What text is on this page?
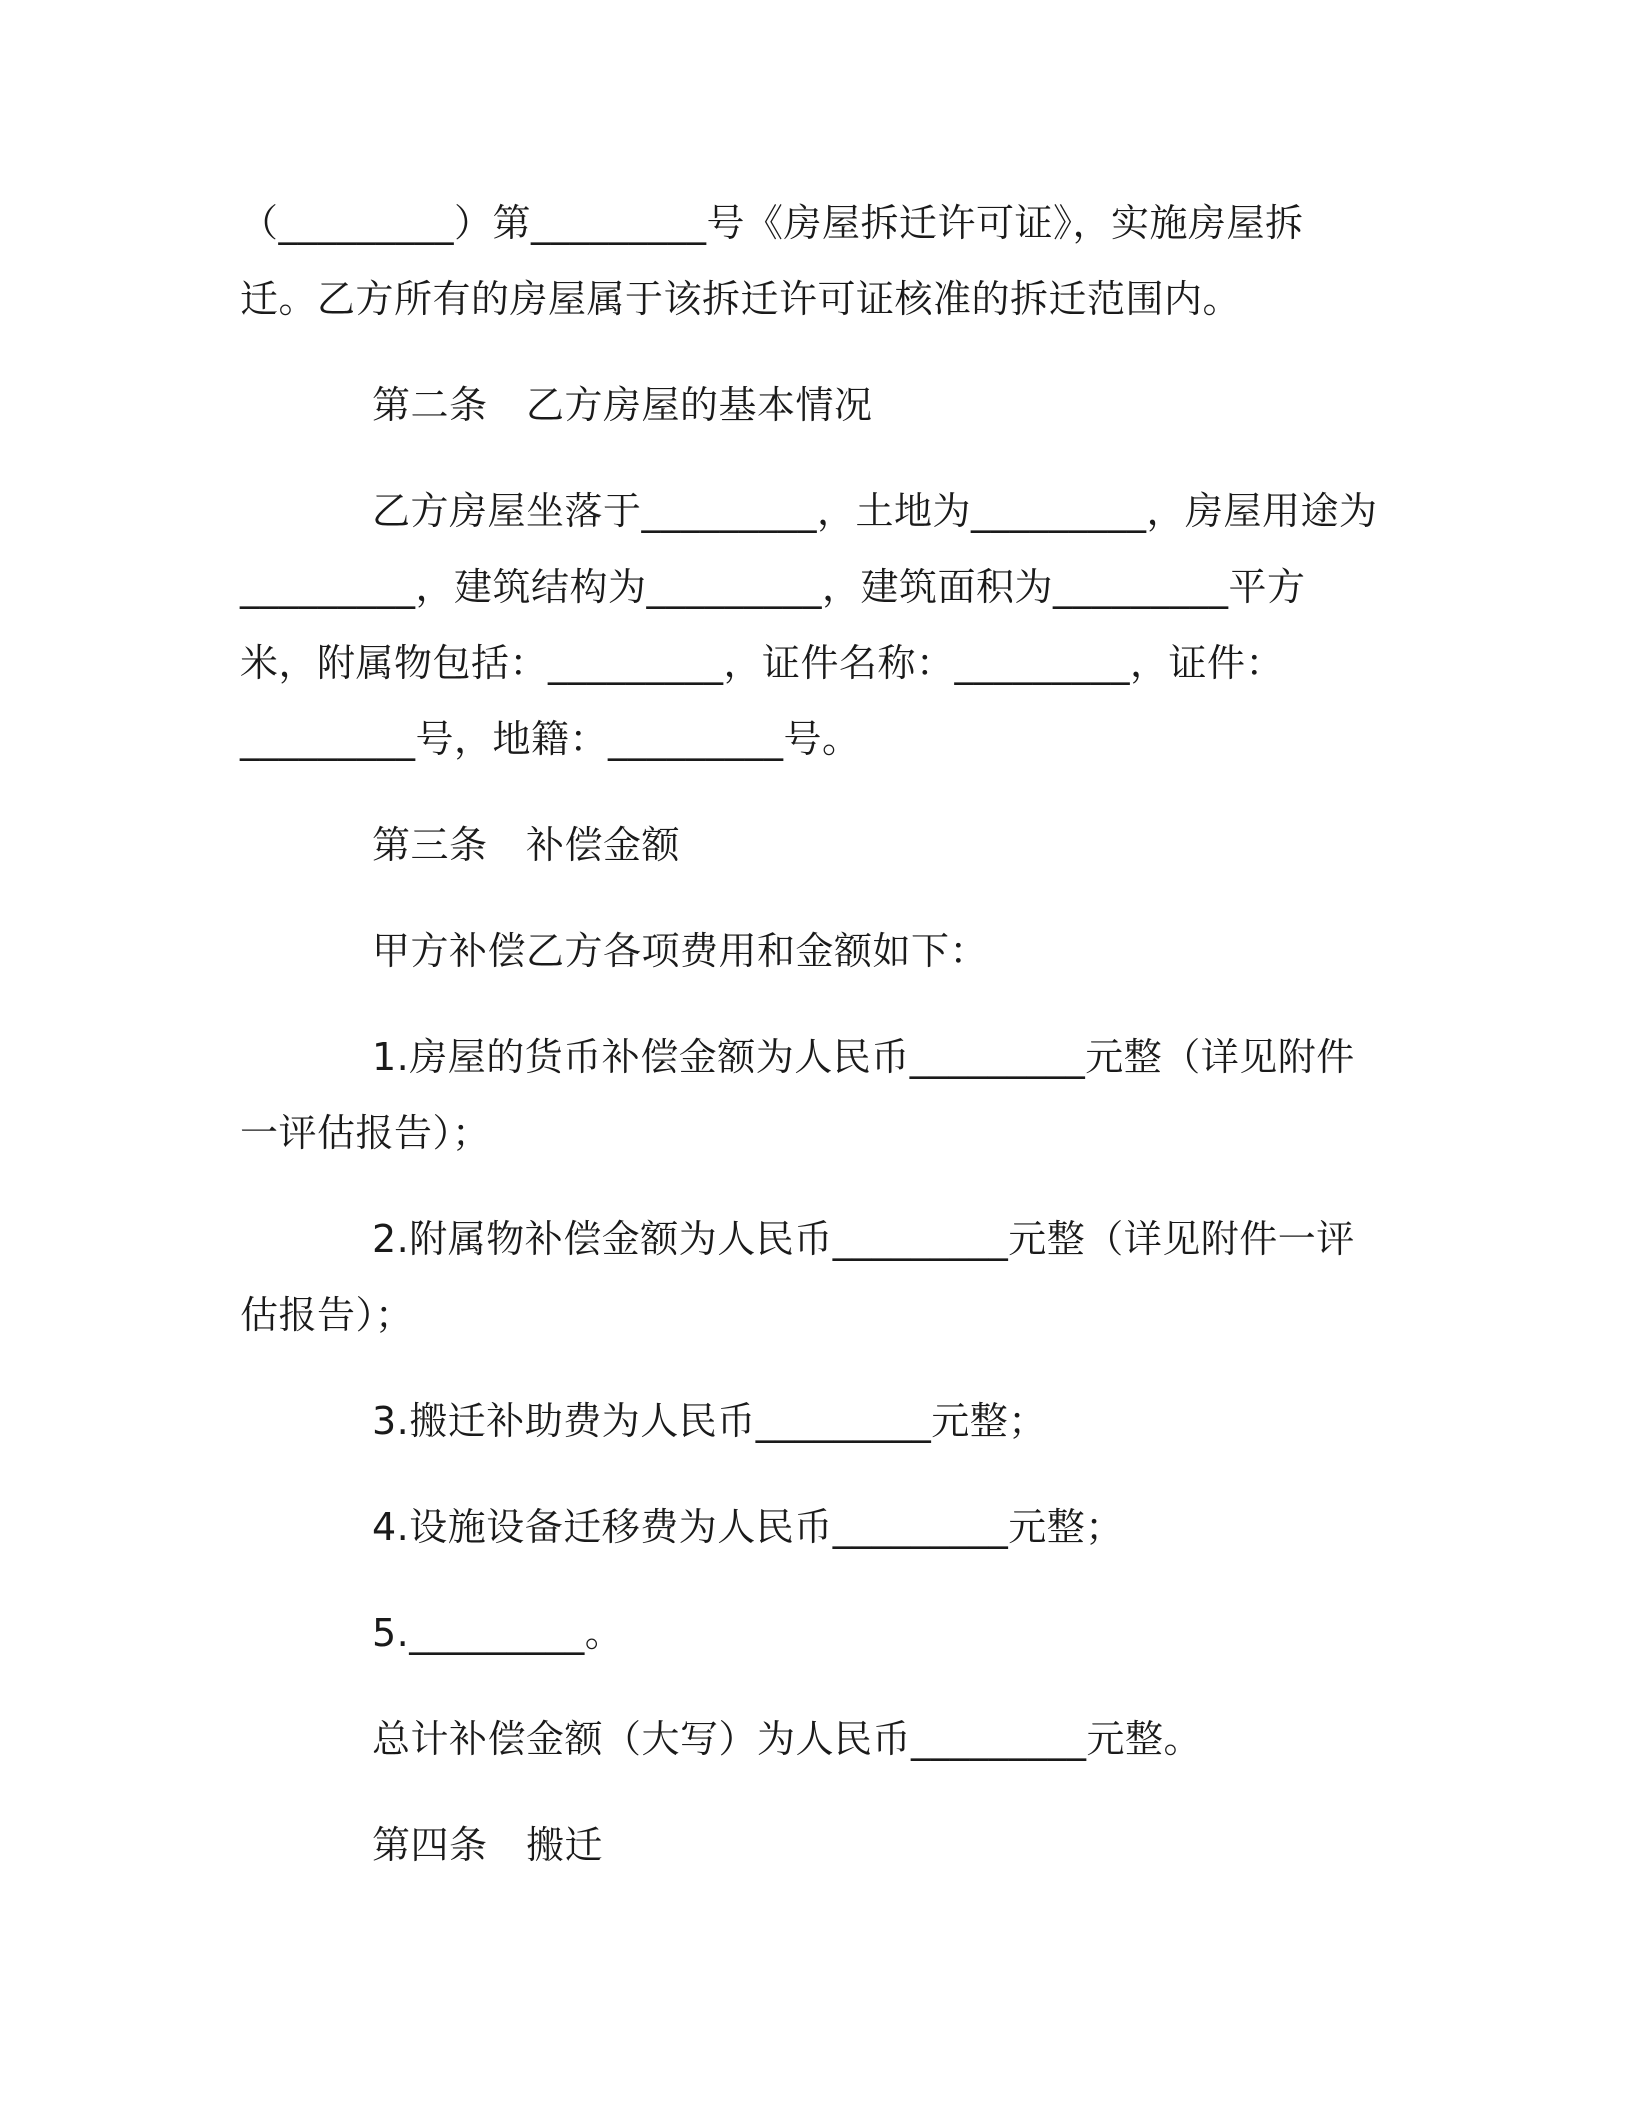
（_________）第_________号《房屋拆迁许可证》，实施房屋拆迁。乙方所有的房屋属于该拆迁许可证核准的拆迁范围内。

第二条　乙方房屋的基本情况

乙方房屋坐落于_________，土地为_________，房屋用途为_________，建筑结构为_________，建筑面积为_________平方米，附属物包括：_________，证件名称：_________，证件：_________号，地籍：_________号。

第三条　补偿金额

甲方补偿乙方各项费用和金额如下：

1.房屋的货币补偿金额为人民币_________元整（详见附件一评估报告）；

2.附属物补偿金额为人民币_________元整（详见附件一评估报告）；

3.搬迁补助费为人民币_________元整；

4.设施设备迁移费为人民币_________元整；

5._________。

总计补偿金额（大写）为人民币_________元整。

第四条　搬迁
